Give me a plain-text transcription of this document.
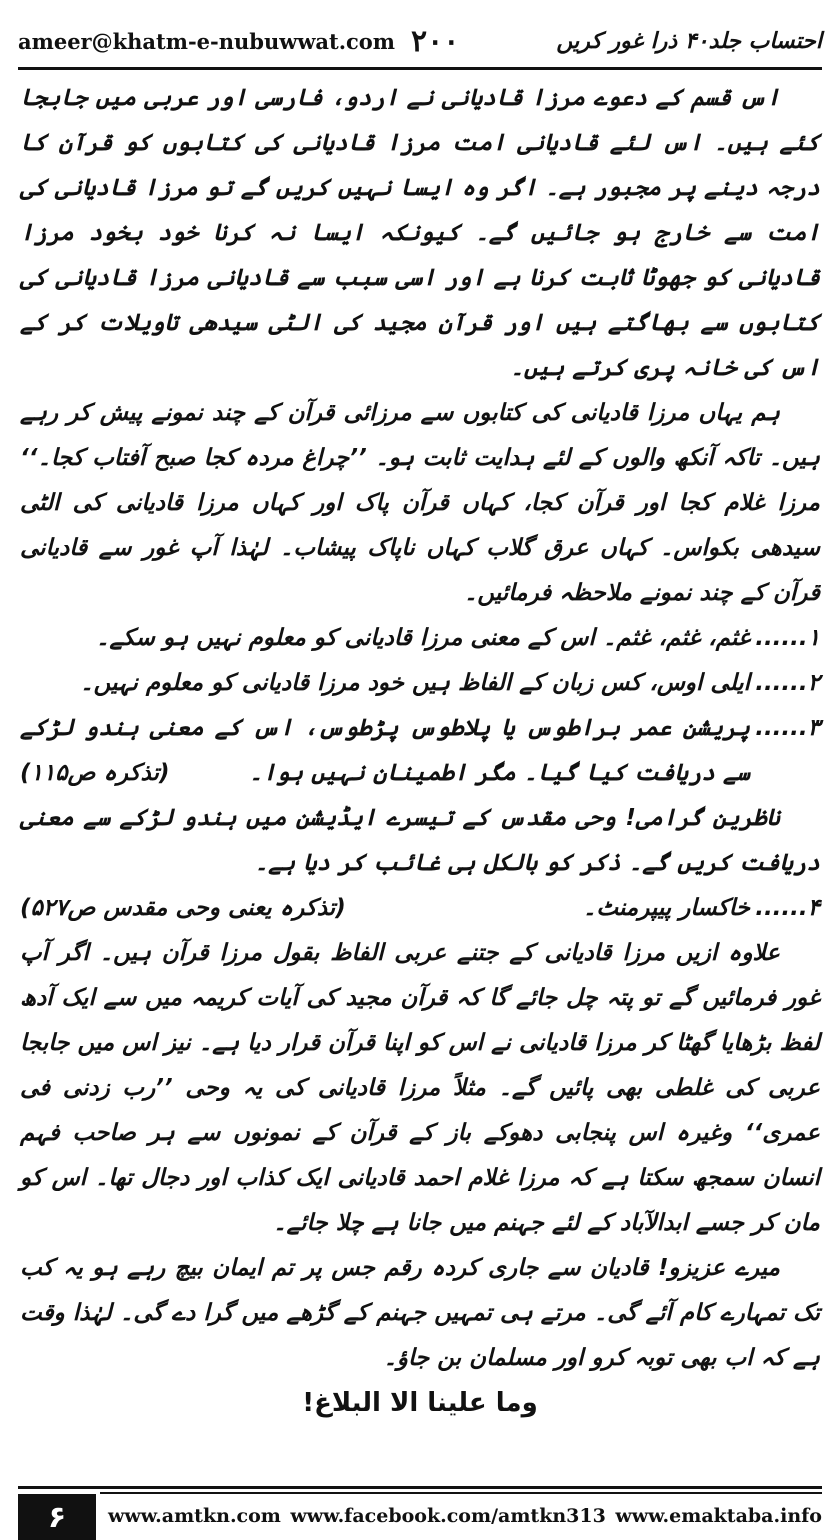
ameer@khatm-e-nubuwwat.com ۲۰۰	احتساب جلد۴۰ ذرا غور کریں

اس قسم کے دعوے مرزا قادیانی نے اردو، فارسی اور عربی میں جابجا کئے ہیں۔ اس لئے قادیانی امت مرزا قادیانی کی کتابوں کو قرآن کا درجہ دینے پر مجبور ہے۔ اگر وہ ایسا نہیں کریں گے تو مرزا قادیانی کی امت سے خارج ہو جائیں گے۔ کیونکہ ایسا نہ کرنا خود بخود مرزا قادیانی کو جھوٹا ثابت کرنا ہے اور اسی سبب سے قادیانی مرزا قادیانی کی کتابوں سے بھاگتے ہیں اور قرآن مجید کی الٹی سیدھی تاویلات کر کے اس کی خانہ پری کرتے ہیں۔

ہم یہاں مرزا قادیانی کی کتابوں سے مرزائی قرآن کے چند نمونے پیش کر رہے ہیں۔ تاکہ آنکھ والوں کے لئے ہدایت ثابت ہو۔ ’’چراغ مردہ کجا صبح آفتاب کجا۔‘‘ مرزا غلام کجا اور قرآن کجا، کہاں قرآن پاک اور کہاں مرزا قادیانی کی الٹی سیدھی بکواس۔ کہاں عرق گلاب کہاں ناپاک پیشاب۔ لہٰذا آپ غور سے قادیانی قرآن کے چند نمونے ملاحظہ فرمائیں۔

۱......
غثم، غثم، غثم۔ اس کے معنی مرزا قادیانی کو معلوم نہیں ہو سکے۔
۲......
ایلی اوس، کس زبان کے الفاظ ہیں خود مرزا قادیانی کو معلوم نہیں۔
۳......
پریشن عمر براطوس یا پلاطوس پڑطوس، اس کے معنی ہندو لڑکے سے دریافت کیا گیا۔ مگر اطمینان نہیں ہوا۔
(تذکرہ ص۱۱۵)

ناظرین گرامی! وحی مقدس کے تیسرے ایڈیشن میں ہندو لڑکے سے معنی دریافت کریں گے۔ ذکر کو بالکل ہی غائب کر دیا ہے۔

۴......
خاکسار پیپرمنٹ۔
(تذکرہ یعنی وحی مقدس ص۵۲۷)

علاوہ ازیں مرزا قادیانی کے جتنے عربی الفاظ بقول مرزا قرآن ہیں۔ اگر آپ غور فرمائیں گے تو پتہ چل جائے گا کہ قرآن مجید کی آیات کریمہ میں سے ایک آدھ لفظ بڑھایا گھٹا کر مرزا قادیانی نے اس کو اپنا قرآن قرار دیا ہے۔ نیز اس میں جابجا عربی کی غلطی بھی پائیں گے۔ مثلاً مرزا قادیانی کی یہ وحی ’’رب زدنی فی عمری‘‘ وغیرہ اس پنجابی دھوکے باز کے قرآن کے نمونوں سے ہر صاحب فہم انسان سمجھ سکتا ہے کہ مرزا غلام احمد قادیانی ایک کذاب اور دجال تھا۔ اس کو مان کر جسے ابدالآباد کے لئے جہنم میں جانا ہے چلا جائے۔

میرے عزیزو! قادیان سے جاری کردہ رقم جس پر تم ایمان بیچ رہے ہو یہ کب تک تمہارے کام آئے گی۔ مرتے ہی تمہیں جہنم کے گڑھے میں گرا دے گی۔ لہٰذا وقت ہے کہ اب بھی توبہ کرو اور مسلمان بن جاؤ۔

وما علینا الا البلاغ!

۶	www.amtkn.com www.facebook.com/amtkn313 www.emaktaba.info
